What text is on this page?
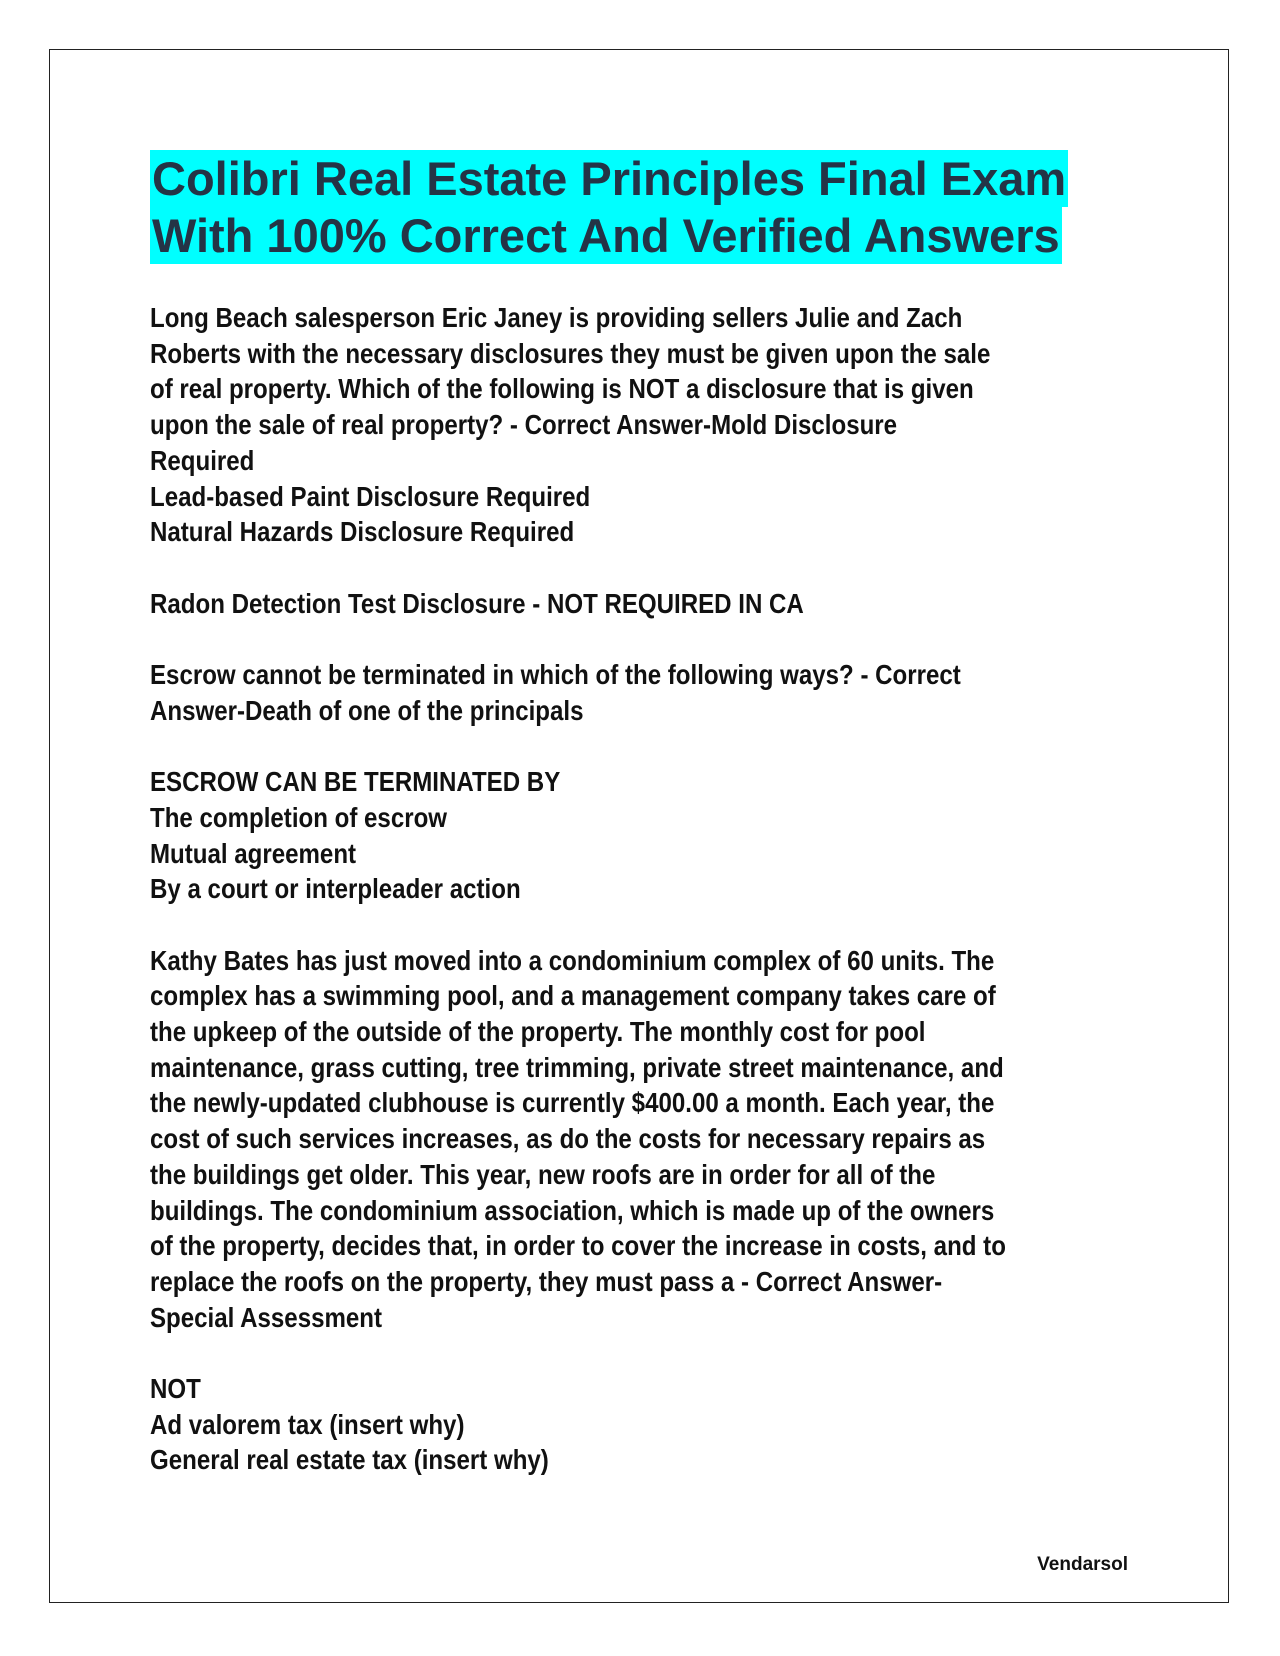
Colibri Real Estate Principles Final Exam
With 100% Correct And Verified Answers
Long Beach salesperson Eric Janey is providing sellers Julie and Zach
Roberts with the necessary disclosures they must be given upon the sale
of real property. Which of the following is NOT a disclosure that is given
upon the sale of real property? - Correct Answer-Mold Disclosure
Required
Lead-based Paint Disclosure Required
Natural Hazards Disclosure Required
Radon Detection Test Disclosure - NOT REQUIRED IN CA
Escrow cannot be terminated in which of the following ways? - Correct
Answer-Death of one of the principals
ESCROW CAN BE TERMINATED BY
The completion of escrow
Mutual agreement
By a court or interpleader action
Kathy Bates has just moved into a condominium complex of 60 units. The
complex has a swimming pool, and a management company takes care of
the upkeep of the outside of the property. The monthly cost for pool
maintenance, grass cutting, tree trimming, private street maintenance, and
the newly-updated clubhouse is currently $400.00 a month. Each year, the
cost of such services increases, as do the costs for necessary repairs as
the buildings get older. This year, new roofs are in order for all of the
buildings. The condominium association, which is made up of the owners
of the property, decides that, in order to cover the increase in costs, and to
replace the roofs on the property, they must pass a - Correct Answer-
Special Assessment
NOT
Ad valorem tax (insert why)
General real estate tax (insert why)
Vendarsol
